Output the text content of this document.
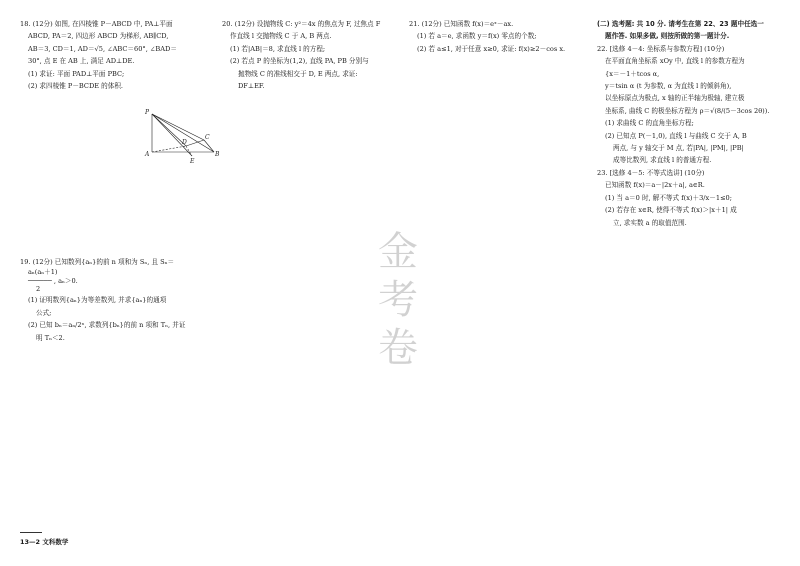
18. (12分) 如图, 在四棱锥 P－ABCD 中, PA⊥平面
ABCD, PA＝2, 四边形 ABCD 为梯形, AB∥CD,
AB＝3, CD＝1, AD＝√5, ∠ABC＝60°, ∠BAD＝
30°, 点 E 在 AB 上, 满足 AD⊥DE.
(1) 求证: 平面 PAD⊥平面 PBC;
(2) 求四棱锥 P－BCDE 的体积.
P
A	B
C
D
E
19. (12分) 已知数列{aₙ}的前 n 项和为 Sₙ, 且 Sₙ＝
aₙ(aₙ＋1)
────── , aₙ＞0.
2
(1) 证明数列{aₙ}为等差数列, 并求{aₙ}的通项
公式;
(2) 已知 bₙ＝aₙ/2ⁿ, 求数列{bₙ}的前 n 项和 Tₙ, 并证
明 Tₙ＜2.
20. (12分) 设抛物线 C: y²＝4x 的焦点为 F, 过焦点 F
作直线 l 交抛物线 C 于 A, B 两点.
(1) 若|AB|＝8, 求直线 l 的方程;
(2) 若点 P 的坐标为(1,2), 直线 PA, PB 分别与
抛物线 C 的准线相交于 D, E 两点, 求证:
DF⊥EF.
金
考
卷
21. (12分) 已知函数 f(x)＝eˣ－ax.
(1) 若 a＝e, 求函数 y＝f(x) 零点的个数;
(2) 若 a≤1, 对于任意 x≥0, 求证: f(x)≥2－cos x.
(二) 选考题: 共 10 分. 请考生在第 22、23 题中任选一
题作答. 如果多做, 则按所做的第一题计分.
22. [选修 4－4: 坐标系与参数方程] (10分)
在平面直角坐标系 xOy 中, 直线 l 的参数方程为
{x＝－1＋tcos α,
y＝tsin α (t 为参数, α 为直线 l 的倾斜角),
以坐标原点为极点, x 轴的正半轴为极轴, 建立极
坐标系, 曲线 C 的极坐标方程为 ρ＝√(8/(5－3cos 2θ)).
(1) 求曲线 C 的直角坐标方程;
(2) 已知点 P(－1,0), 直线 l 与曲线 C 交于 A, B
两点, 与 y 轴交于 M 点, 若|PA|, |PM|, |PB|
成等比数列, 求直线 l 的普通方程.
23. [选修 4－5: 不等式选讲] (10分)
已知函数 f(x)＝a－|2x＋a|, a∈R.
(1) 当 a＝0 时, 解不等式 f(x)＋3/x－1≤0;
(2) 若存在 x∈R, 使得不等式 f(x)＞|x＋1| 成
立, 求实数 a 的取值范围.
13—2 文科数学
